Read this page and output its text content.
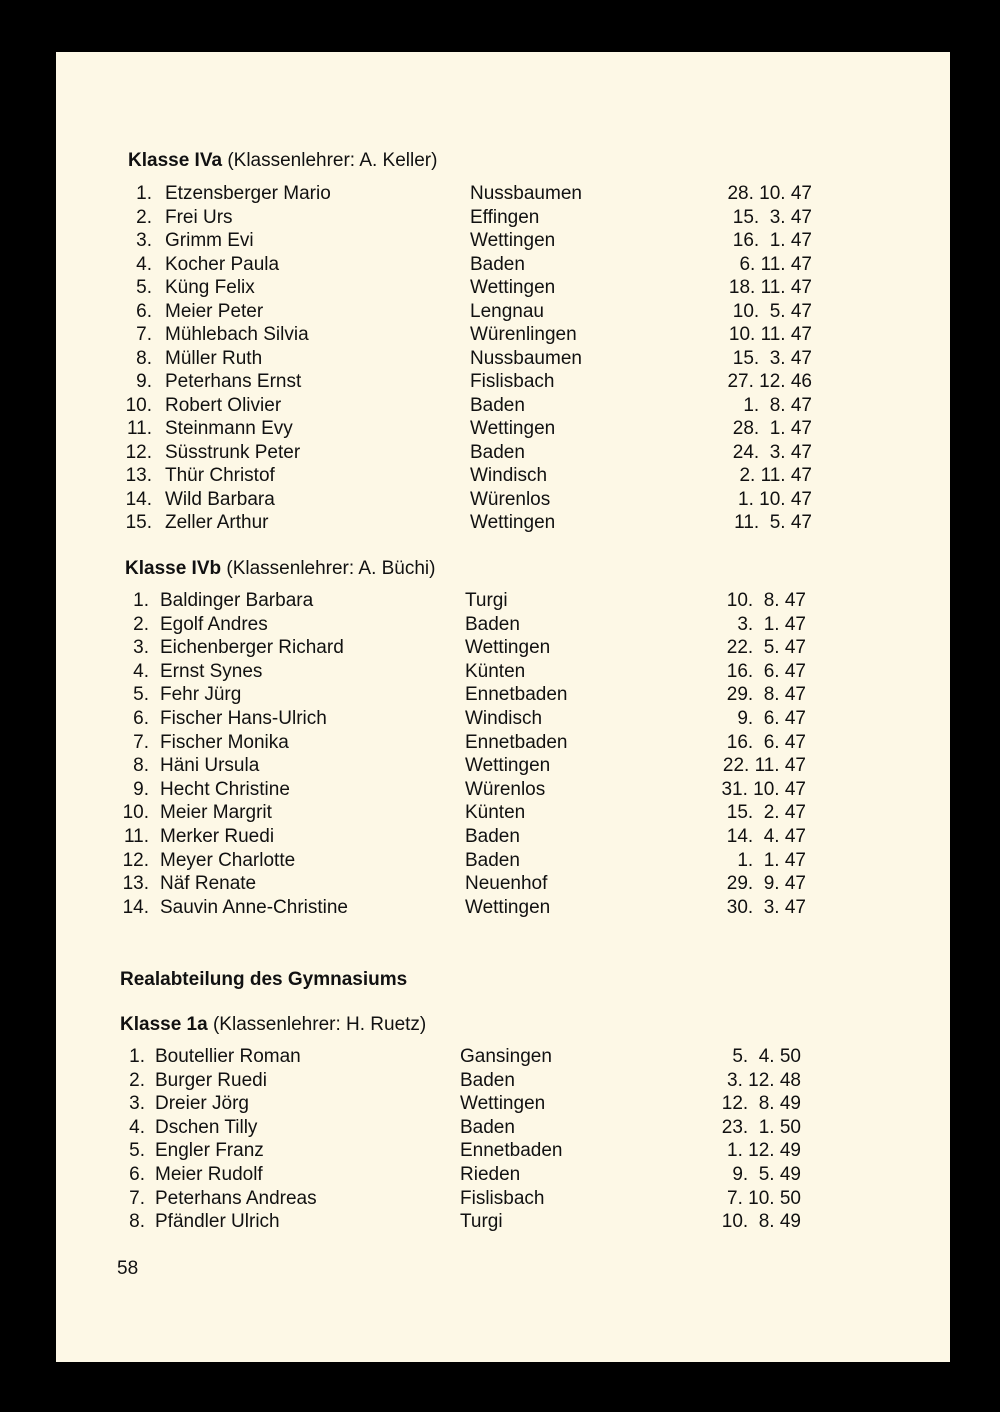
Klasse IVa (Klassenlehrer: A. Keller)
1. Etzensberger Mario	Nussbaumen	28. 10. 47
2. Frei Urs	Effingen	15.  3. 47
3. Grimm Evi	Wettingen	16.  1. 47
4. Kocher Paula	Baden	6. 11. 47
5. Küng Felix	Wettingen	18. 11. 47
6. Meier Peter	Lengnau	10.  5. 47
7. Mühlebach Silvia	Würenlingen	10. 11. 47
8. Müller Ruth	Nussbaumen	15.  3. 47
9. Peterhans Ernst	Fislisbach	27. 12. 46
10. Robert Olivier	Baden	1.  8. 47
11. Steinmann Evy	Wettingen	28.  1. 47
12. Süsstrunk Peter	Baden	24.  3. 47
13. Thür Christof	Windisch	2. 11. 47
14. Wild Barbara	Würenlos	1. 10. 47
15. Zeller Arthur	Wettingen	11.  5. 47
Klasse IVb (Klassenlehrer: A. Büchi)
1. Baldinger Barbara	Turgi	10.  8. 47
2. Egolf Andres	Baden	3.  1. 47
3. Eichenberger Richard	Wettingen	22.  5. 47
4. Ernst Synes	Künten	16.  6. 47
5. Fehr Jürg	Ennetbaden	29.  8. 47
6. Fischer Hans-Ulrich	Windisch	9.  6. 47
7. Fischer Monika	Ennetbaden	16.  6. 47
8. Häni Ursula	Wettingen	22. 11. 47
9. Hecht Christine	Würenlos	31. 10. 47
10. Meier Margrit	Künten	15.  2. 47
11. Merker Ruedi	Baden	14.  4. 47
12. Meyer Charlotte	Baden	1.  1. 47
13. Näf Renate	Neuenhof	29.  9. 47
14. Sauvin Anne-Christine	Wettingen	30.  3. 47
Klasse 1a (Klassenlehrer: H. Ruetz)
1. Boutellier Roman	Gansingen	5.  4. 50
2. Burger Ruedi	Baden	3. 12. 48
3. Dreier Jörg	Wettingen	12.  8. 49
4. Dschen Tilly	Baden	23.  1. 50
5. Engler Franz	Ennetbaden	1. 12. 49
6. Meier Rudolf	Rieden	9.  5. 49
7. Peterhans Andreas	Fislisbach	7. 10. 50
8. Pfändler Ulrich	Turgi	10.  8. 49
Realabteilung des Gymnasiums
58
